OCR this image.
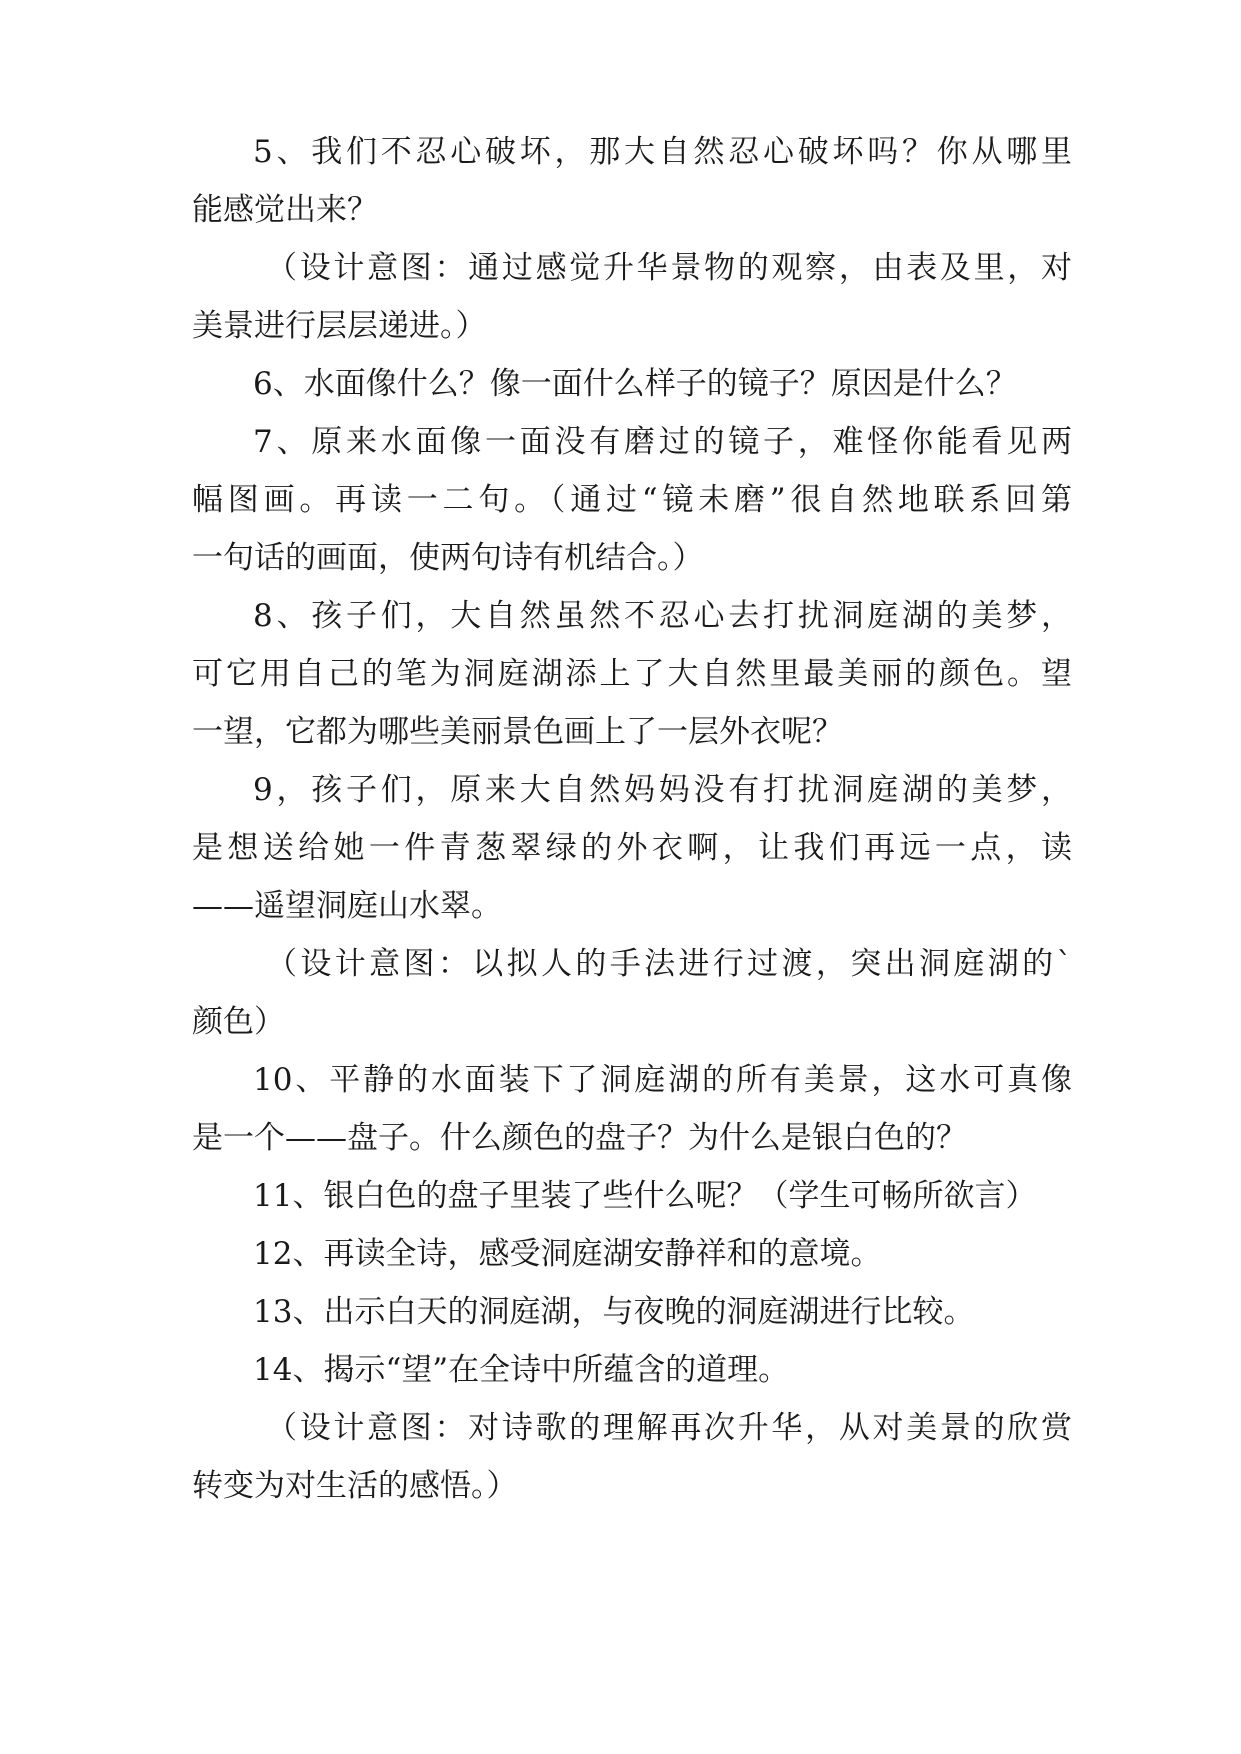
5、我们不忍心破坏，那大自然忍心破坏吗？你从哪里
能感觉出来？
（设计意图：通过感觉升华景物的观察，由表及里，对
美景进行层层递进。）
6、水面像什么？像一面什么样子的镜子？原因是什么？
7、原来水面像一面没有磨过的镜子，难怪你能看见两
幅图画。再读一二句。（通过“镜未磨”很自然地联系回第
一句话的画面，使两句诗有机结合。）
8、孩子们，大自然虽然不忍心去打扰洞庭湖的美梦，
可它用自己的笔为洞庭湖添上了大自然里最美丽的颜色。望
一望，它都为哪些美丽景色画上了一层外衣呢？
9，孩子们，原来大自然妈妈没有打扰洞庭湖的美梦，
是想送给她一件青葱翠绿的外衣啊，让我们再远一点，读
——遥望洞庭山水翠。
（设计意图：以拟人的手法进行过渡，突出洞庭湖的`
颜色）
10、平静的水面装下了洞庭湖的所有美景，这水可真像
是一个——盘子。什么颜色的盘子？为什么是银白色的？
11、银白色的盘子里装了些什么呢？（学生可畅所欲言）
12、再读全诗，感受洞庭湖安静祥和的意境。
13、出示白天的洞庭湖，与夜晚的洞庭湖进行比较。
14、揭示“望”在全诗中所蕴含的道理。
（设计意图：对诗歌的理解再次升华，从对美景的欣赏
转变为对生活的感悟。）
